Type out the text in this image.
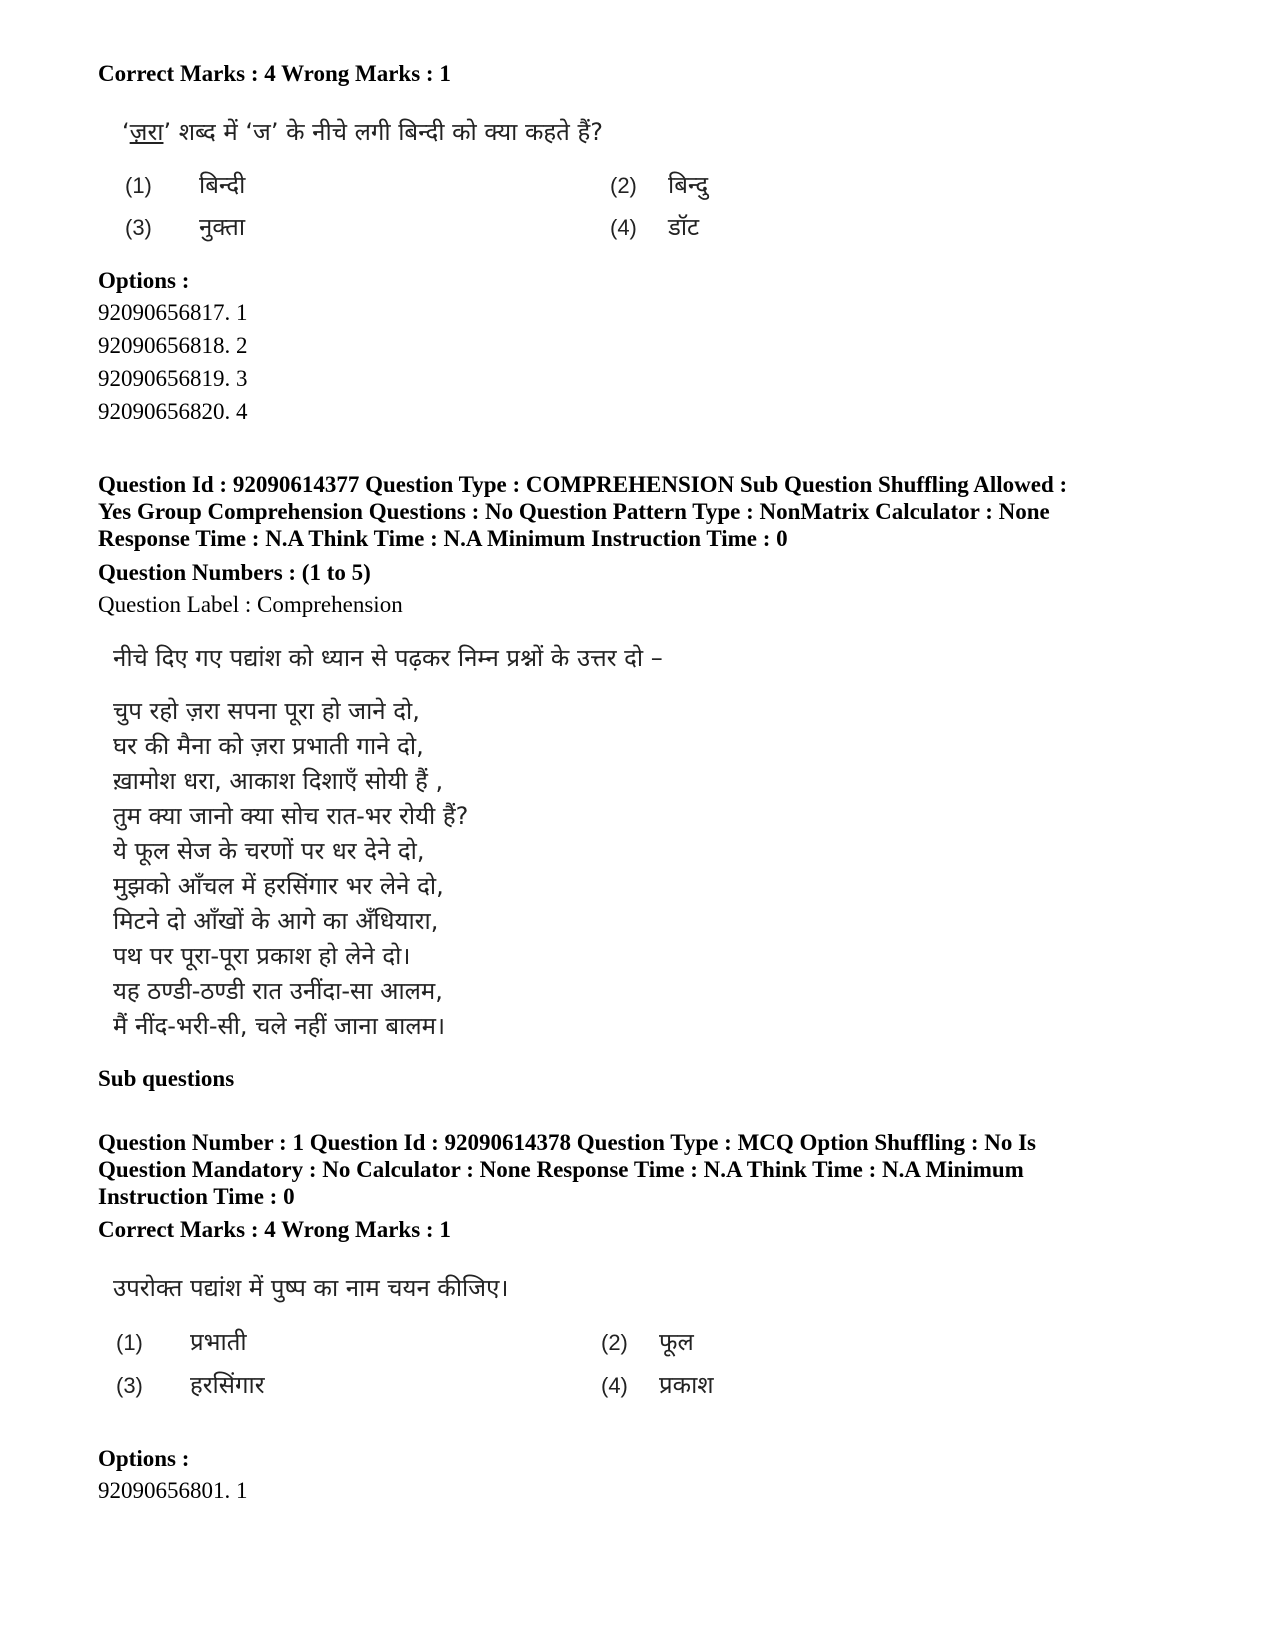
Correct Marks : 4 Wrong Marks : 1
‘ज़रा’ शब्द में ‘ज’ के नीचे लगी बिन्दी को क्या कहते हैं?
(1) बिन्दी	(2) बिन्दु
(3) नुक्ता	(4) डॉट
Options :
92090656817. 1
92090656818. 2
92090656819. 3
92090656820. 4
Question Id : 92090614377 Question Type : COMPREHENSION Sub Question Shuffling Allowed :
Yes Group Comprehension Questions : No Question Pattern Type : NonMatrix Calculator : None
Response Time : N.A Think Time : N.A Minimum Instruction Time : 0
Question Numbers : (1 to 5)
Question Label : Comprehension
नीचे दिए गए पद्यांश को ध्यान से पढ़कर निम्न प्रश्नों के उत्तर दो –
चुप रहो ज़रा सपना पूरा हो जाने दो,
घर की मैना को ज़रा प्रभाती गाने दो,
ख़ामोश धरा, आकाश दिशाएँ सोयी हैं ,
तुम क्या जानो क्या सोच रात-भर रोयी हैं?
ये फूल सेज के चरणों पर धर देने दो,
मुझको आँचल में हरसिंगार भर लेने दो,
मिटने दो आँखों के आगे का अँधियारा,
पथ पर पूरा-पूरा प्रकाश हो लेने दो।
यह ठण्डी-ठण्डी रात उनींदा-सा आलम,
मैं नींद-भरी-सी, चले नहीं जाना बालम।
Sub questions
Question Number : 1 Question Id : 92090614378 Question Type : MCQ Option Shuffling : No Is
Question Mandatory : No Calculator : None Response Time : N.A Think Time : N.A Minimum
Instruction Time : 0
Correct Marks : 4 Wrong Marks : 1
उपरोक्त पद्यांश में पुष्प का नाम चयन कीजिए।
(1) प्रभाती	(2) फूल
(3) हरसिंगार	(4) प्रकाश
Options :
92090656801. 1
